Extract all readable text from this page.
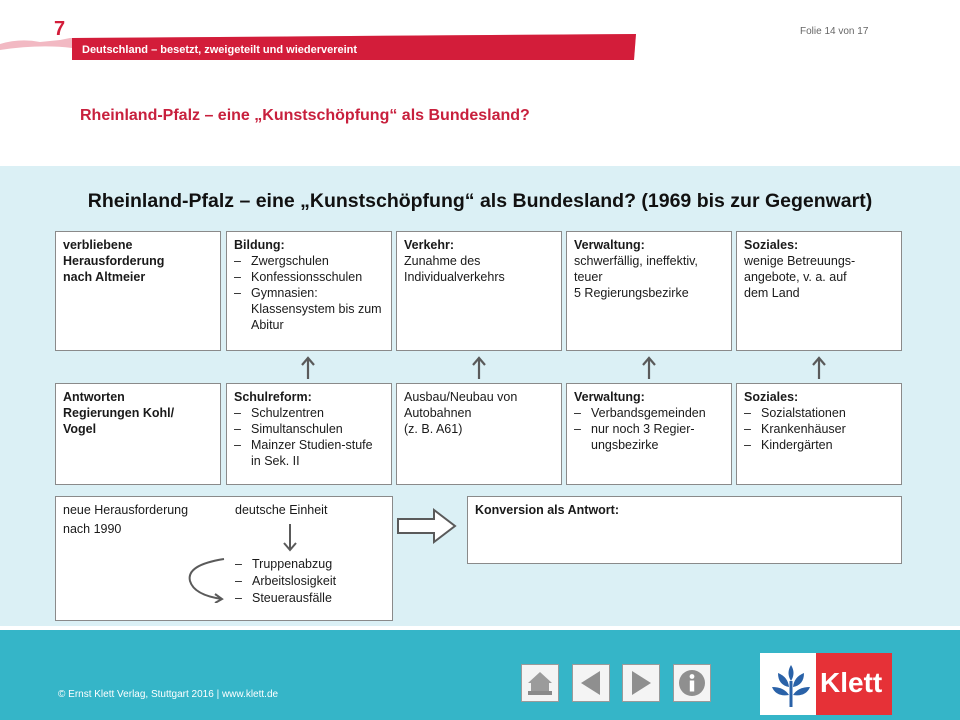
7	Folie 14 von 17
Deutschland – besetzt, zweigeteilt und wiedervereint
Rheinland-Pfalz – eine „Kunstschöpfung“ als Bundesland?
Rheinland-Pfalz – eine „Kunstschöpfung“ als Bundesland? (1969 bis zur Gegenwart)
verbliebene
Herausforderung
nach Altmeier
Bildung:
– Zwergschulen
– Konfessionsschulen
– Gymnasien: Klassensystem bis zum Abitur
Verkehr:
Zunahme des
Individualverkehrs
Verwaltung:
schwerfällig, ineffektiv,
teuer
5 Regierungsbezirke
Soziales:
wenige Betreuungs-
angebote, v. a. auf
dem Land
Antworten
Regierungen Kohl/
Vogel
Schulreform:
– Schulzentren
– Simultanschulen
– Mainzer Studien-stufe in Sek. II
Ausbau/Neubau von
Autobahnen
(z. B. A61)
Verwaltung:
– Verbandsgemeinden
– nur noch 3 Regier-ungsbezirke
Soziales:
– Sozialstationen
– Krankenhäuser
– Kindergärten
neue Herausforderung
nach 1990
deutsche Einheit
– Truppenabzug
– Arbeitslosigkeit
– Steuerausfälle
Konversion als Antwort:
© Ernst Klett Verlag, Stuttgart 2016 | www.klett.de	Klett
